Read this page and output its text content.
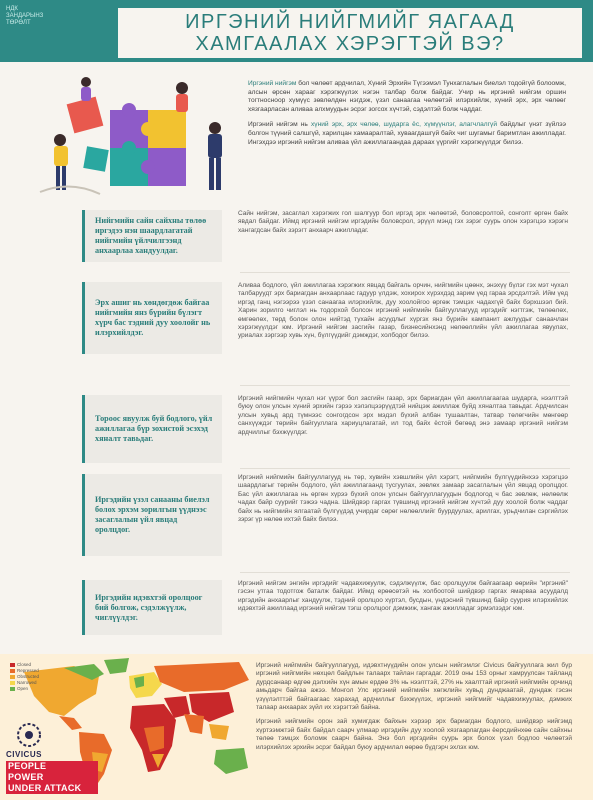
НДК
ЗАНДАРЫНЗ
ТӨРӨЛТ	ИРГЭНИЙ НИЙГМИЙГ ЯАГААД
ХАМГААЛАХ ХЭРЭГТЭЙ ВЭ?

Иргэний нийгэм бол чөлөөт ардчилал, Хүний Эрхийн Түгээмэл Тунхаглалын биелэл тодойгүй болоомж, алсын өрсөн харааг хэрэгжүүлэх нэгэн талбар болж байдаг. Учир нь иргэний нийгэм оршин тогтносноор хүмүүс зөвлөлдөн нэгдэж, үзэл санаагаа чөлөөтэй илэрхийлж, хүний эрх, эрх чөлөөг хязгаарласан аливаа алхмуудын эсрэг зогсох хүчтэй, сэдэлтэй болж чаддаг.

Иргэний нийгэм нь хүний эрх, эрх чөлөө, шударга ёс, хүмүүнлэг, алагчлалгүй байдлыг үнэт зүйлээ болгон түүний салшгүй, харилцан хамааралтай, хуваагдашгүй байх чиг шугамыг баримтлан ажилладаг. Ингэхдээ иргэний нийгэм аливаа үйл ажиллагаандаа дараах үүргийг хэрэгжүүлдэг билээ.

Нийгмийн сайн сайхны төлөө иргэдээ нэн шаардлагатай нийгмийн үйлчилгээнд анхаарлаа хандуулдаг.
Сайн нийгэм, засаглал хэрэгжих гол шалгуур бол иргэд эрх чөлөөтэй, боловсролтой, сонголт өргөн байх явдал байдаг. Иймд иргэний нийгэм иргэдийн боловсрол, эрүүл мэнд гэх зэрэг суурь олон хэрэгцээ хэрэгн хангагдсан байх зэрэгт анхаарч ажилладаг.
Эрх ашиг нь хөндөгдөж байгаа нийгмийн янз бүрийн бүлэгт хүрч бас тэдний дуу хоолойг нь илэрхийлдэг.
Аливаа бодлого, үйл ажиллагаа хэрэгжих явцад байгаль орчин, нийгмийн цөөнх, энэхүү бүлэг гэх мэт чухал талбаруудт эрх бариагдан анхаарлаас гадуур үлдэж, хохирох хүрэхдэд зарим үед гараа эрсдэлтэй. Ийм үед иргэд ганц нэгээрээ үзэл санаагаа илэрхийлж, дуу хоолойгоо өргөж тэмцэх чадахгүй байх бэрхшээл бий. Харин зорилго чиглэл нь тодорхой болсон иргэний нийгмийн байгууллагууд иргэдийг нэгтгэж, төлөөлөх, өмгөөлөх, төрд болон олон нийтэд тухайн асуудлыг хүргэх янз бүрийн кампанит ажлуудыг санаачлан хэрэгжүүлдэг юм. Иргэний нийгэм засгийн газар, бизнесийнхэнд нөлөөллийн үйл ажиллагаа явуулах, уриалах зэргээр хувь хүн, бүлгүүдийг дэмждэг, холбодог билээ.
Тороос явуулж буй бодлого, үйл ажиллагаа бүр зохистой эсэхэд хяналт тавьдаг.
Иргэний нийгмийн чухал нэг үүрэг бол засгийн газар, эрх бариагдан үйл ажиллагаагаа шударга, нээлттэй буюу олон улсын хүний эрхийн гэрээ хэлэлцээрүүдтэй нийцэж ажиллаж буйд хяналтаа тавьдаг. Ардчилсан улсын хувьд ард түмнээс сонгогдсон эрх мэдэл бүхий албан тушаалтан, татвар төлөгчийн мөнгөөр санхүүждэг төрийн байгууллага хариуцлагатай, ил тод байх ёстой бөгөөд энэ замаар иргэний нийгэм ардчиллыг бэхжүүлдэг.
Иргэдийн үзэл санааны биелэл болох эрхэм зорилгын үүднээс засаглалын үйл явцад оролцдог.
Иргэний нийгмийн байгууллагууд нь төр, хувийн хэвшлийн үйл хэрэгт, нийгмийн бүлгүүдийнхээ хэрэгцээ шаардлагыг төрийн бодлого, үйл ажиллагаанд тусгуулах, зөвлөх замаар засаглалын үйл явцад оролцдог. Бас үйл ажиллагаа нь өргөн хүрээ бүхий олон улсын байгууллагуудын бодлогод ч бас зөвлөж, нөлөөлж чадах байр суурийг тэжээ чадна. Шийдвэр гаргах түвшинд иргэний нийгэм хүчтэй дуу хоолой болж чаддаг байх нь нийгмийн ялгаатай бүлгүүдэд учирдаг сөрөг нөлөөллийг буурдуулах, арилгах, урьдчилан сэргийлэх зэрэг үр нөлөө ихтэй байх билээ.
Иргэдийн идэвхтэй оролцоог бий болгож, сэдэлжүүлж, чиглүүлдэг.
Иргэний нийгэм энгийн иргэдийг чадавхижуулж, сэдэлжүүлж, бас оролцуулж байгаагаар өөрийн "иргэний" гэсэн утгаа тодотгож баталж байдаг. Иймд ерөөсөтэй нь холбоотой шийдвэр гаргах ямарваа асуудалд иргэдийн анхаарлыг хандуулж, тэдний оролцоо хүртэл, бусдын, үндэсний түвшинд байр суурия илэрхийлэх идэвхтэй ажиллаад иргэний нийгэм тэгш оролцоог дэмжиж, хангаж ажилладаг эрмэлзэдэг юм.
Closed
Repressed
Obstructed
Narrowed
Open
CIVICUS
PEOPLE
POWER
UNDER ATTACK

Иргэний нийгмийн байгууллагууд, идэвхтнүүдийн олон улсын нийгэмлэг Civicus байгууллага жил бүр иргэний нийгмийн нөхцөл байдлын талаарх тайлан гаргадаг. 2019 оны 153 орныг хамруулсан тайланд дурдсанаар өдгөө дэлхийн хүн амын ердөө 3% нь нээлттэй, 27% нь хаалттай иргэний нийгмийн орчинд амьдарч байгаа ажээ. Монгол Улс иргэний нийгмийн хөгжлийн хувьд дунджаатай, дундаж гэсэн үзүүлэлттэй байгаагаас харахад ардчиллыг бэхжүүлэх, иргэний нийгмийг чадавхижуулах, дэмжих талаар анхаарах зүйл их хэрэгтэй байна.

Иргэний нийгмийн орон зай хумигдаж байхын хэрээр эрх бариагдан бодлого, шийдвэр нийгэмд хүртээмжтэй байх байдал саарч улмаар иргэдийн дуу хоолой хязгаарлагдан ёерсдийнхөө сайн сайхны төлөө тэмцэх боломж саарч байна. Энэ бол иргэдийн суурь эрх болох үзэл бодлоо чөлөөтэй илэрхийлэх эрхийн эсрэг байдал буюу ардчилал өөрөө бүдгэрч эхлэх юм.
